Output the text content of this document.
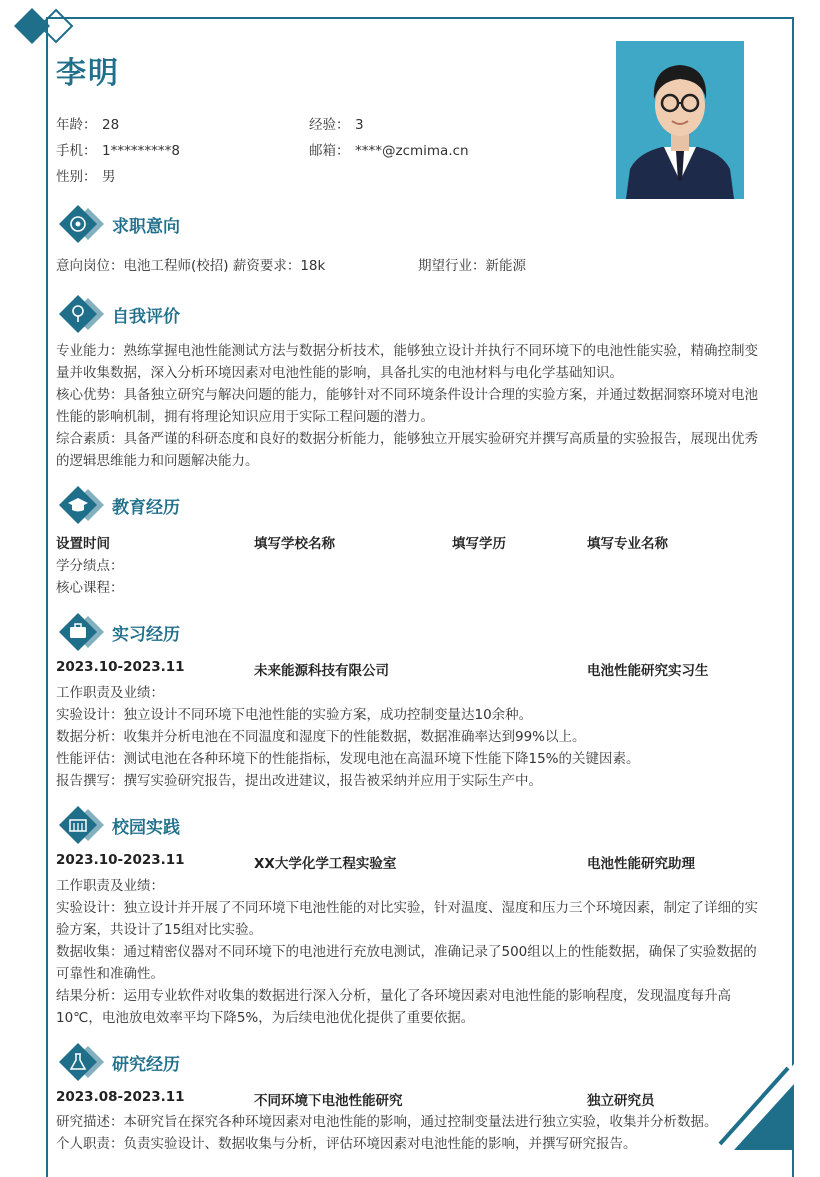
李明
年龄： 28	经验： 3
手机： 1*********8	邮箱： ****@zcmima.cn
性别： 男
求职意向
意向岗位：电池工程师(校招) 薪资要求：18k	期望行业：新能源
自我评价
专业能力：熟练掌握电池性能测试方法与数据分析技术，能够独立设计并执行不同环境下的电池性能实验，精确控制变量并收集数据，深入分析环境因素对电池性能的影响，具备扎实的电池材料与电化学基础知识。
核心优势：具备独立研究与解决问题的能力，能够针对不同环境条件设计合理的实验方案，并通过数据洞察环境对电池性能的影响机制，拥有将理论知识应用于实际工程问题的潜力。
综合素质：具备严谨的科研态度和良好的数据分析能力，能够独立开展实验研究并撰写高质量的实验报告，展现出优秀的逻辑思维能力和问题解决能力。
教育经历
设置时间	填写学校名称	填写学历	填写专业名称
学分绩点：
核心课程：
实习经历
2023.10-2023.11	未来能源科技有限公司	电池性能研究实习生
工作职责及业绩：
实验设计：独立设计不同环境下电池性能的实验方案，成功控制变量达10余种。
数据分析：收集并分析电池在不同温度和湿度下的性能数据，数据准确率达到99%以上。
性能评估：测试电池在各种环境下的性能指标，发现电池在高温环境下性能下降15%的关键因素。
报告撰写：撰写实验研究报告，提出改进建议，报告被采纳并应用于实际生产中。
校园实践
2023.10-2023.11	XX大学化学工程实验室	电池性能研究助理
工作职责及业绩：
实验设计：独立设计并开展了不同环境下电池性能的对比实验，针对温度、湿度和压力三个环境因素，制定了详细的实验方案，共设计了15组对比实验。
数据收集：通过精密仪器对不同环境下的电池进行充放电测试，准确记录了500组以上的性能数据，确保了实验数据的可靠性和准确性。
结果分析：运用专业软件对收集的数据进行深入分析，量化了各环境因素对电池性能的影响程度，发现温度每升高10℃，电池放电效率平均下降5%，为后续电池优化提供了重要依据。
研究经历
2023.08-2023.11	不同环境下电池性能研究	独立研究员
研究描述：本研究旨在探究各种环境因素对电池性能的影响，通过控制变量法进行独立实验，收集并分析数据。
个人职责：负责实验设计、数据收集与分析，评估环境因素对电池性能的影响，并撰写研究报告。
